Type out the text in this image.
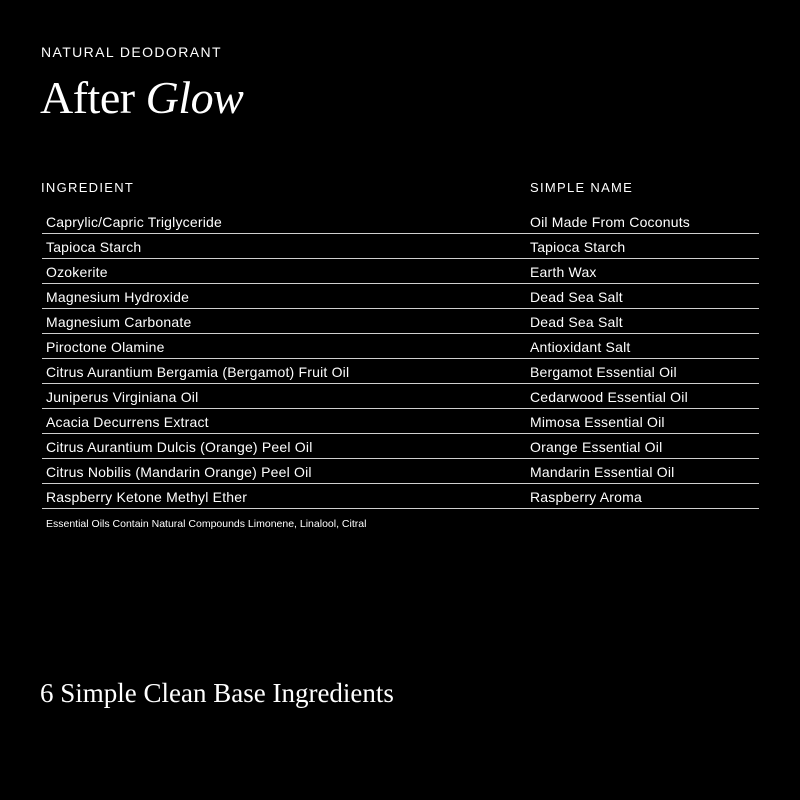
NATURAL DEODORANT
After Glow
INGREDIENT	SIMPLE NAME
Caprylic/Capric Triglyceride	Oil Made From Coconuts
Tapioca Starch	Tapioca Starch
Ozokerite	Earth Wax
Magnesium Hydroxide	Dead Sea Salt
Magnesium Carbonate	Dead Sea Salt
Piroctone Olamine	Antioxidant Salt
Citrus Aurantium Bergamia (Bergamot) Fruit Oil	Bergamot Essential Oil
Juniperus Virginiana Oil	Cedarwood Essential Oil
Acacia Decurrens Extract	Mimosa Essential Oil
Citrus Aurantium Dulcis (Orange) Peel Oil	Orange Essential Oil
Citrus Nobilis (Mandarin Orange) Peel Oil	Mandarin Essential Oil
Raspberry Ketone Methyl Ether	Raspberry Aroma
Essential Oils Contain Natural Compounds Limonene, Linalool, Citral
6 Simple Clean Base Ingredients
